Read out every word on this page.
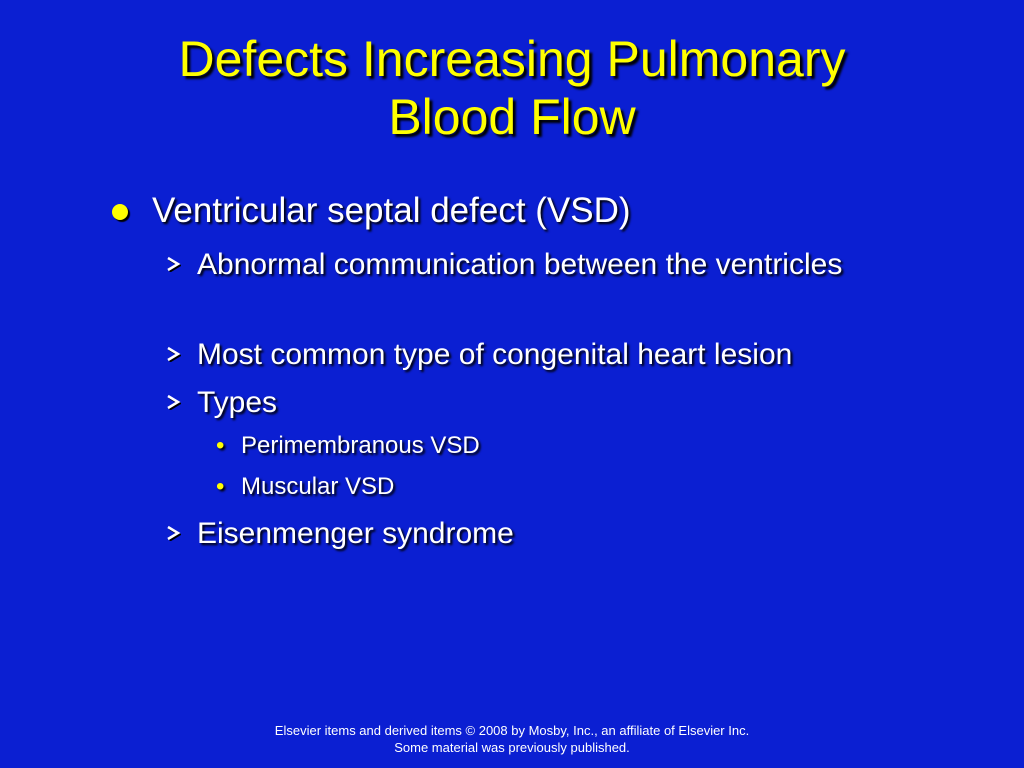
Defects Increasing Pulmonary
Blood Flow
Ventricular septal defect (VSD)
Abnormal communication between the ventricles
Most common type of congenital heart lesion
Types
• Perimembranous VSD
• Muscular VSD
Eisenmenger syndrome
Elsevier items and derived items © 2008 by Mosby, Inc., an affiliate of Elsevier Inc.
Some material was previously published.
